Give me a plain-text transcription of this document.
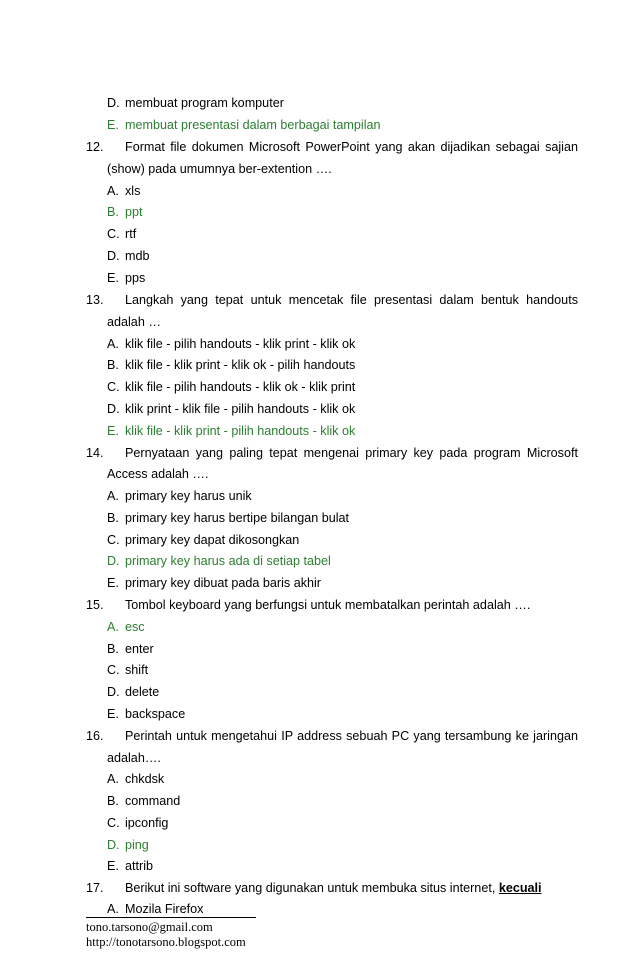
D. membuat program komputer
E. membuat presentasi dalam berbagai tampilan
12. Format file dokumen Microsoft PowerPoint yang akan dijadikan sebagai sajian
(show) pada umumnya ber-extention ….
A. xls
B. ppt
C. rtf
D. mdb
E. pps
13. Langkah yang tepat untuk mencetak file presentasi dalam bentuk handouts
adalah …
A. klik file - pilih handouts - klik print - klik ok
B. klik file - klik print - klik ok - pilih handouts
C. klik file - pilih handouts - klik ok - klik print
D. klik print - klik file - pilih handouts - klik ok
E. klik file - klik print - pilih handouts - klik ok
14. Pernyataan yang paling tepat mengenai primary key pada program Microsoft
Access adalah ….
A. primary key harus unik
B. primary key harus bertipe bilangan bulat
C. primary key dapat dikosongkan
D. primary key harus ada di setiap tabel
E. primary key dibuat pada baris akhir
15. Tombol keyboard yang berfungsi untuk membatalkan perintah adalah ….
A. esc
B. enter
C. shift
D. delete
E. backspace
16. Perintah untuk mengetahui IP address sebuah PC yang tersambung ke jaringan
adalah….
A. chkdsk
B. command
C. ipconfig
D. ping
E. attrib
17. Berikut ini software yang digunakan untuk membuka situs internet, kecuali
A. Mozila Firefox
tono.tarsono@gmail.com
http://tonotarsono.blogspot.com
